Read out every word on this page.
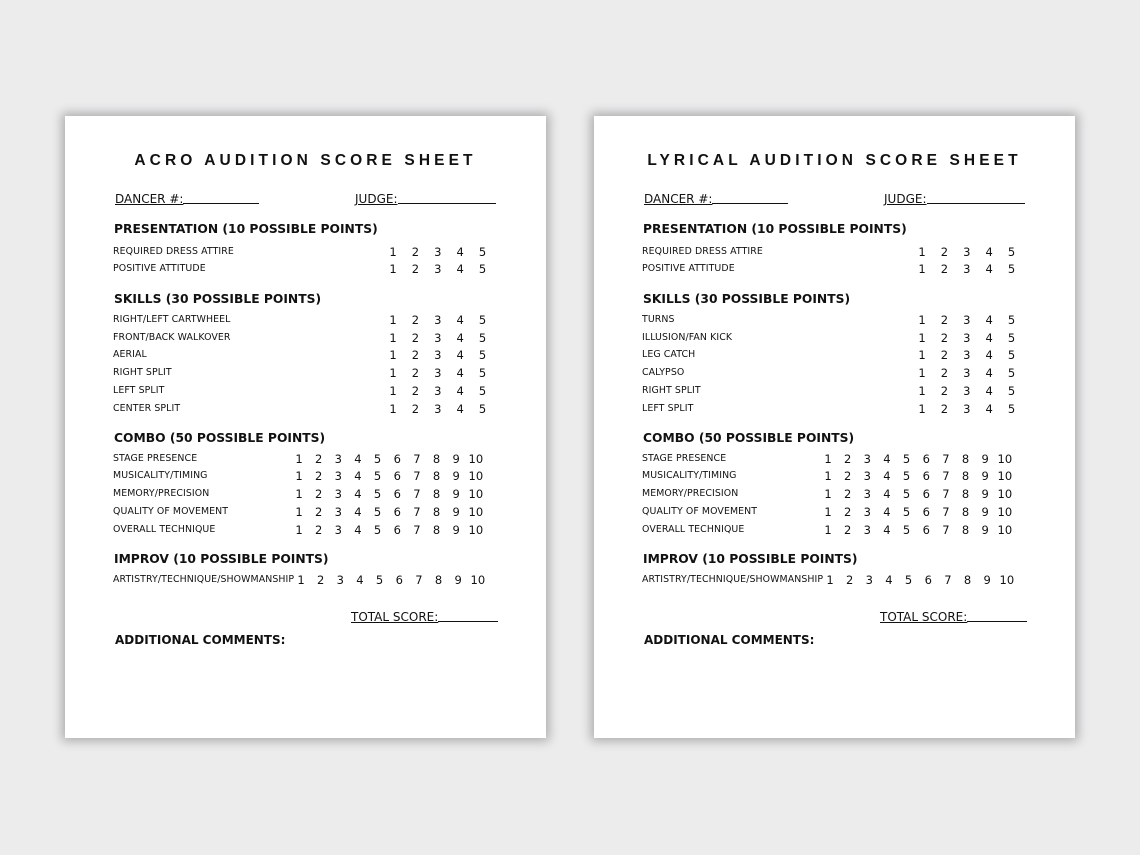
ACRO AUDITION SCORE SHEET
DANCER #:	JUDGE:
PRESENTATION (10 POSSIBLE POINTS)
REQUIRED DRESS ATTIRE	1	2	3	4	5
POSITIVE ATTITUDE	1	2	3	4	5
SKILLS (30 POSSIBLE POINTS)
RIGHT/LEFT CARTWHEEL	1	2	3	4	5
FRONT/BACK WALKOVER	1	2	3	4	5
AERIAL	1	2	3	4	5
RIGHT SPLIT	1	2	3	4	5
LEFT SPLIT	1	2	3	4	5
CENTER SPLIT	1	2	3	4	5
COMBO (50 POSSIBLE POINTS)
STAGE PRESENCE	1	2	3	4	5	6	7	8	9 10
MUSICALITY/TIMING	1	2	3	4	5	6	7	8	9 10
MEMORY/PRECISION	1	2	3	4	5	6	7	8	9 10
QUALITY OF MOVEMENT	1	2	3	4	5	6	7	8	9 10
OVERALL TECHNIQUE	1	2	3	4	5	6	7	8	9 10
IMPROV (10 POSSIBLE POINTS)
ARTISTRY/TECHNIQUE/SHOWMANSHIP 1	2	3	4	5	6	7	8	9 10
TOTAL SCORE:
ADDITIONAL COMMENTS:
LYRICAL AUDITION SCORE SHEET
DANCER #:	JUDGE:
PRESENTATION (10 POSSIBLE POINTS)
REQUIRED DRESS ATTIRE	1	2	3	4	5
POSITIVE ATTITUDE	1	2	3	4	5
SKILLS (30 POSSIBLE POINTS)
TURNS	1	2	3	4	5
ILLUSION/FAN KICK	1	2	3	4	5
LEG CATCH	1	2	3	4	5
CALYPSO	1	2	3	4	5
RIGHT SPLIT	1	2	3	4	5
LEFT SPLIT	1	2	3	4	5
COMBO (50 POSSIBLE POINTS)
STAGE PRESENCE	1	2	3	4	5	6	7	8	9 10
MUSICALITY/TIMING	1	2	3	4	5	6	7	8	9 10
MEMORY/PRECISION	1	2	3	4	5	6	7	8	9 10
QUALITY OF MOVEMENT	1	2	3	4	5	6	7	8	9 10
OVERALL TECHNIQUE	1	2	3	4	5	6	7	8	9 10
IMPROV (10 POSSIBLE POINTS)
ARTISTRY/TECHNIQUE/SHOWMANSHIP 1	2	3	4	5	6	7	8	9 10
TOTAL SCORE:
ADDITIONAL COMMENTS:
